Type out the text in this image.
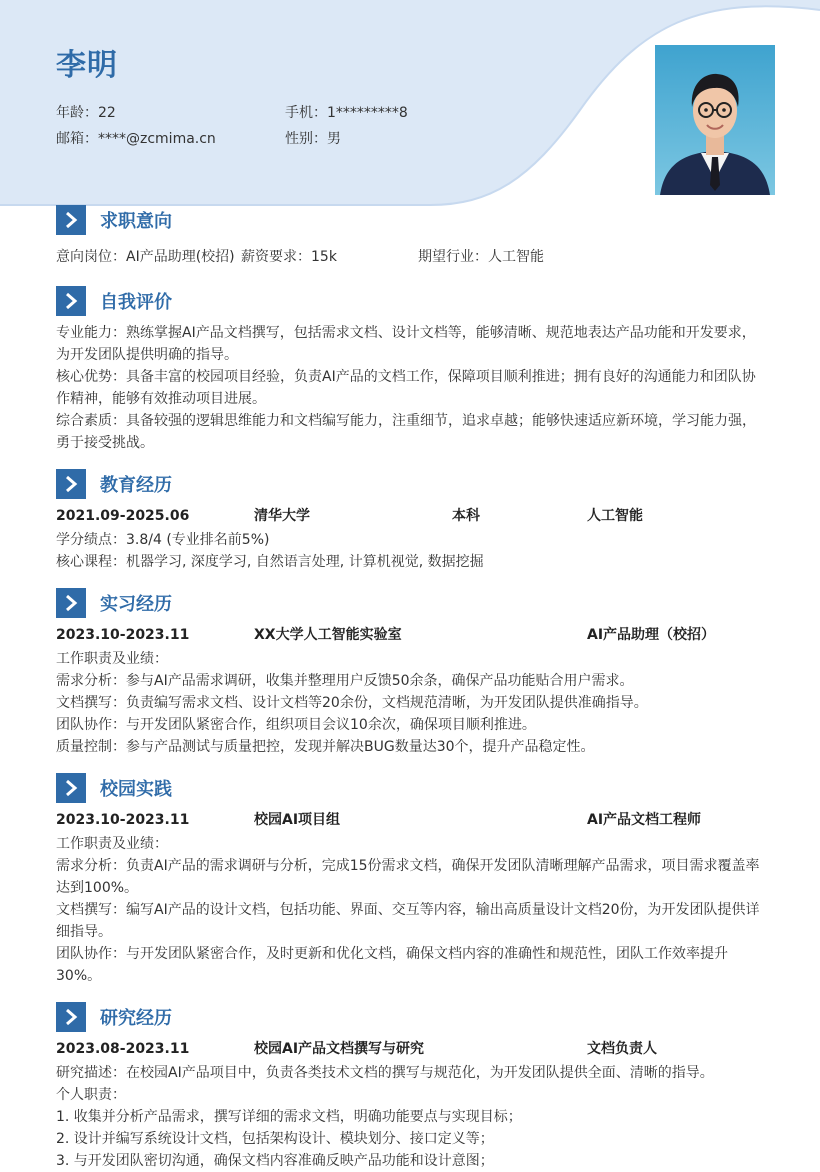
李明
年龄：22	手机：1*********8
邮箱：****@zcmima.cn	性别：男
求职意向
意向岗位：AI产品助理(校招) 薪资要求：15k	期望行业：人工智能
自我评价
专业能力：熟练掌握AI产品文档撰写，包括需求文档、设计文档等，能够清晰、规范地表达产品功能和开发要求，为开发团队提供明确的指导。
核心优势：具备丰富的校园项目经验，负责AI产品的文档工作，保障项目顺利推进；拥有良好的沟通能力和团队协作精神，能够有效推动项目进展。
综合素质：具备较强的逻辑思维能力和文档编写能力，注重细节，追求卓越；能够快速适应新环境，学习能力强，勇于接受挑战。
教育经历
2021.09-2025.06	清华大学	本科	人工智能
学分绩点：3.8/4 (专业排名前5%)
核心课程：机器学习, 深度学习, 自然语言处理, 计算机视觉, 数据挖掘
实习经历
2023.10-2023.11	XX大学人工智能实验室	AI产品助理（校招）
工作职责及业绩：
需求分析：参与AI产品需求调研，收集并整理用户反馈50余条，确保产品功能贴合用户需求。
文档撰写：负责编写需求文档、设计文档等20余份，文档规范清晰，为开发团队提供准确指导。
团队协作：与开发团队紧密合作，组织项目会议10余次，确保项目顺利推进。
质量控制：参与产品测试与质量把控，发现并解决BUG数量达30个，提升产品稳定性。
校园实践
2023.10-2023.11	校园AI项目组	AI产品文档工程师
工作职责及业绩：
需求分析：负责AI产品的需求调研与分析，完成15份需求文档，确保开发团队清晰理解产品需求，项目需求覆盖率达到100%。
文档撰写：编写AI产品的设计文档，包括功能、界面、交互等内容，输出高质量设计文档20份，为开发团队提供详细指导。
团队协作：与开发团队紧密合作，及时更新和优化文档，确保文档内容的准确性和规范性，团队工作效率提升30%。
研究经历
2023.08-2023.11	校园AI产品文档撰写与研究	文档负责人
研究描述：在校园AI产品项目中，负责各类技术文档的撰写与规范化，为开发团队提供全面、清晰的指导。
个人职责：
1. 收集并分析产品需求，撰写详细的需求文档，明确功能要点与实现目标；
2. 设计并编写系统设计文档，包括架构设计、模块划分、接口定义等；
3. 与开发团队密切沟通，确保文档内容准确反映产品功能和设计意图；
